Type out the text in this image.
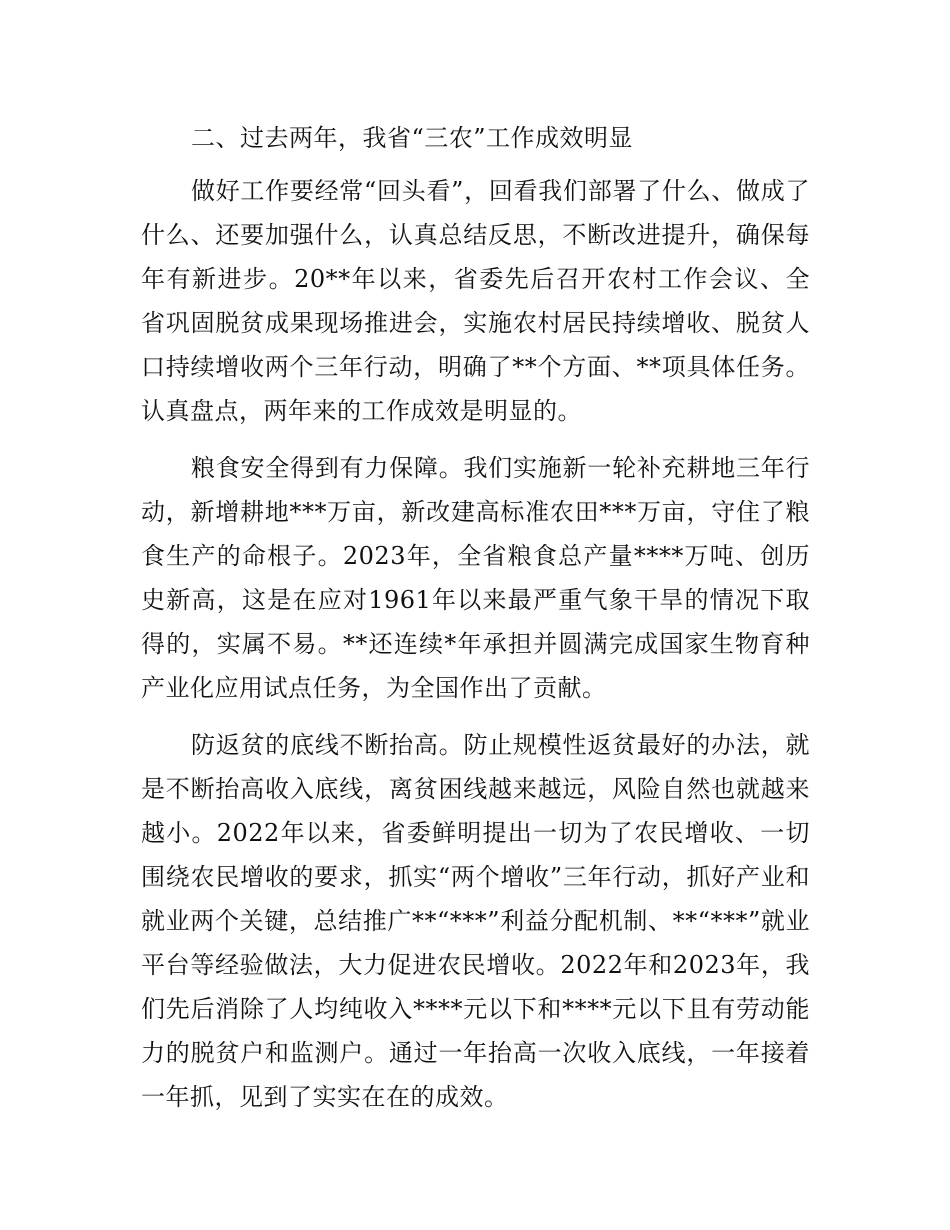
二、过去两年，我省“三农”工作成效明显

做好工作要经常“回头看”，回看我们部署了什么、做成了什么、还要加强什么，认真总结反思，不断改进提升，确保每年有新进步。20**年以来，省委先后召开农村工作会议、全省巩固脱贫成果现场推进会，实施农村居民持续增收、脱贫人口持续增收两个三年行动，明确了**个方面、**项具体任务。认真盘点，两年来的工作成效是明显的。

粮食安全得到有力保障。我们实施新一轮补充耕地三年行动，新增耕地***万亩，新改建高标准农田***万亩，守住了粮食生产的命根子。2023年，全省粮食总产量****万吨、创历史新高，这是在应对1961年以来最严重气象干旱的情况下取得的，实属不易。**还连续*年承担并圆满完成国家生物育种产业化应用试点任务，为全国作出了贡献。

防返贫的底线不断抬高。防止规模性返贫最好的办法，就是不断抬高收入底线，离贫困线越来越远，风险自然也就越来越小。2022年以来，省委鲜明提出一切为了农民增收、一切围绕农民增收的要求，抓实“两个增收”三年行动，抓好产业和就业两个关键，总结推广**“***”利益分配机制、**“***”就业平台等经验做法，大力促进农民增收。2022年和2023年，我们先后消除了人均纯收入****元以下和****元以下且有劳动能力的脱贫户和监测户。通过一年抬高一次收入底线，一年接着一年抓，见到了实实在在的成效。
